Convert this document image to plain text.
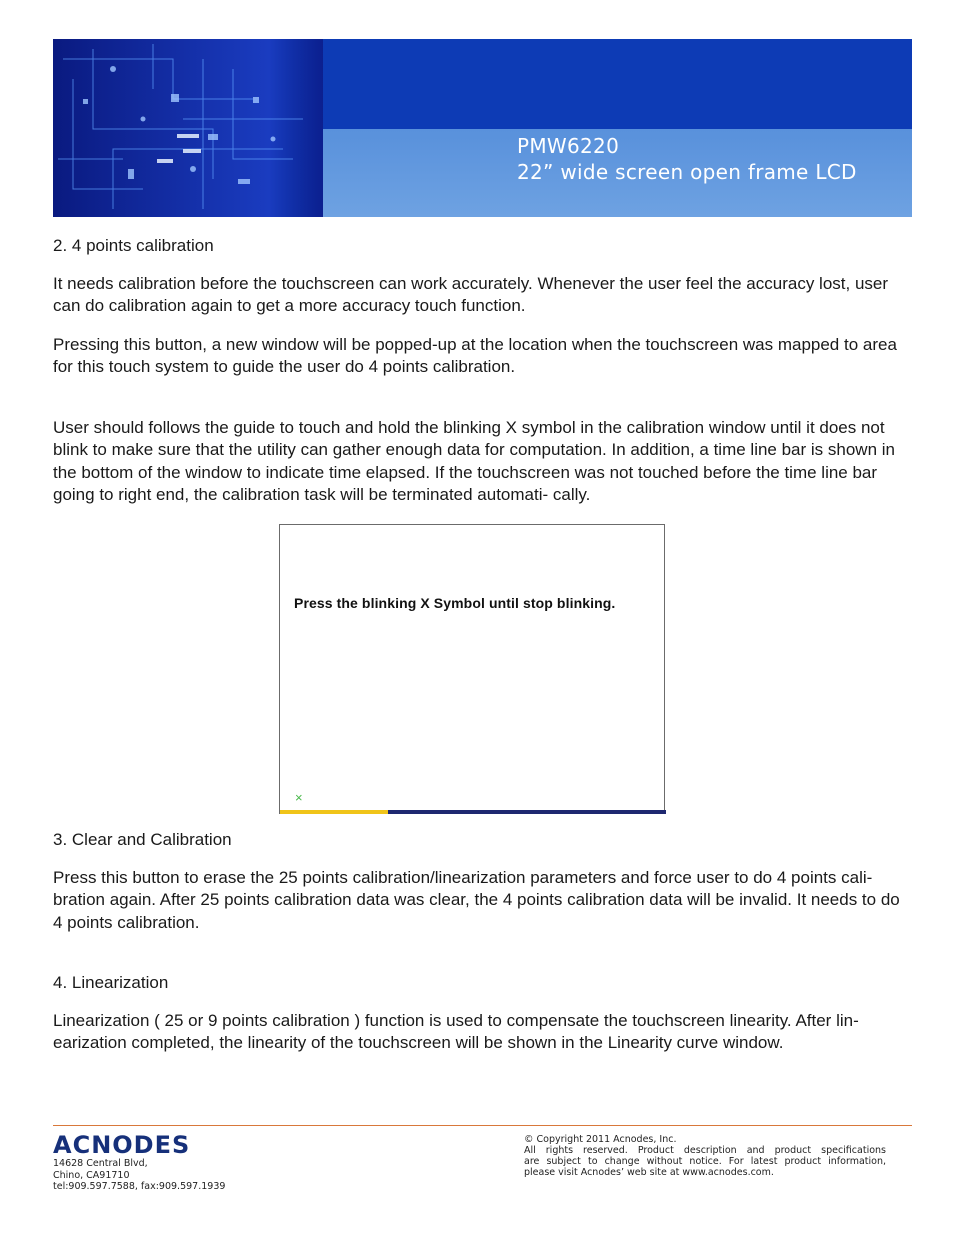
PMW6220
22” wide screen open frame LCD
2. 4 points calibration

It needs calibration before the touchscreen can work accurately. Whenever the user feel the accuracy lost, user can do calibration again to get a more accuracy touch function.

Pressing this button, a new window will be popped-up at the location when the touchscreen was mapped to area for this touch system to guide the user do 4 points calibration.

User should follows the guide to touch and hold the blinking X symbol in the calibration window until it does not blink to make sure that the utility can gather enough data for computation. In addition, a time line bar is shown in the bottom of the window to indicate time elapsed. If the touchscreen was not touched before the time line bar going to right end, the calibration task will be terminated automati- cally.

Press the blinking X Symbol until stop blinking.
×
3. Clear and Calibration

Press this button to erase the 25 points calibration/linearization parameters and force user to do 4 points cali- bration again. After 25 points calibration data was clear, the 4 points calibration data will be invalid. It needs to do 4 points calibration.

4. Linearization

Linearization ( 25 or 9 points calibration ) function is used to compensate the touchscreen linearity. After lin- earization completed, the linearity of the touchscreen will be shown in the Linearity curve window.

ACNODES
14628 Central Blvd,
Chino, CA91710
tel:909.597.7588, fax:909.597.1939
© Copyright 2011 Acnodes, Inc.
All rights reserved. Product description and product specifications
are subject to change without notice. For latest product information,
please visit Acnodes’ web site at www.acnodes.com.
